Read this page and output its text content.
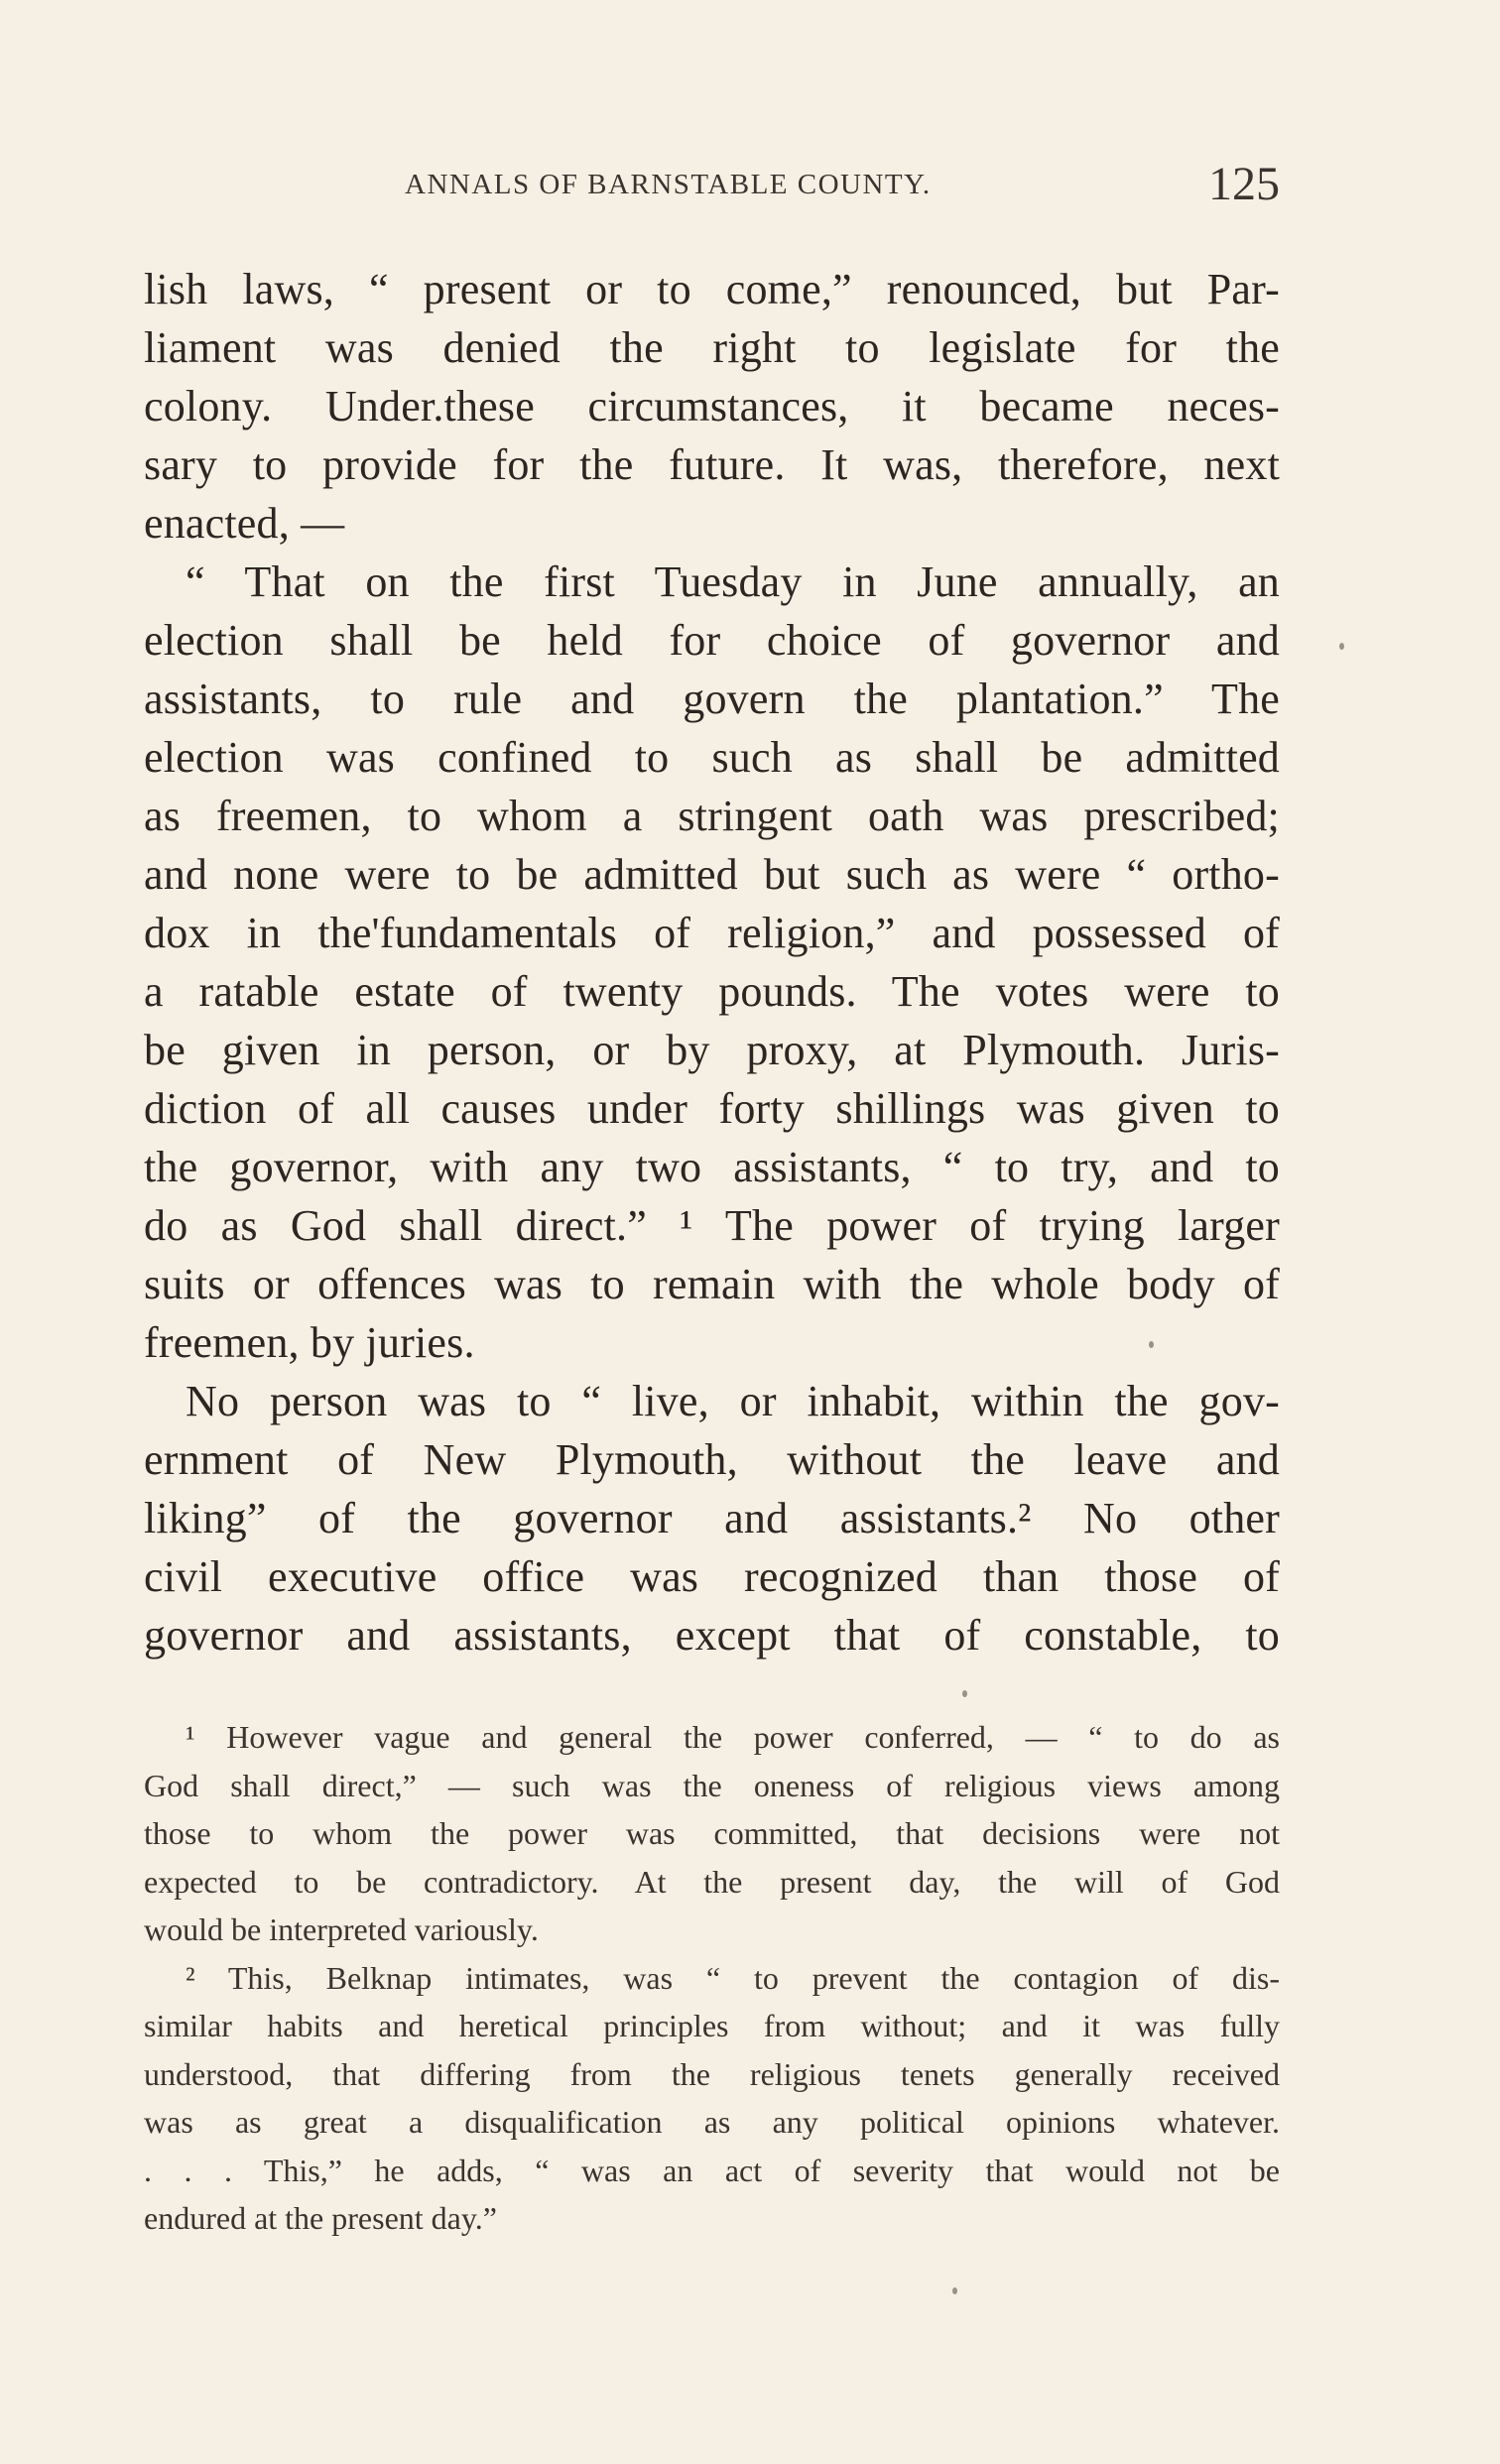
ANNALS OF BARNSTABLE COUNTY.	125
lish laws, “ present or to come,” renounced, but Par-
liament was denied the right to legislate for the
colony. Under.these circumstances, it became neces-
sary to provide for the future. It was, therefore, next
enacted, —
“ That on the first Tuesday in June annually, an
election shall be held for choice of governor and
assistants, to rule and govern the plantation.” The
election was confined to such as shall be admitted
as freemen, to whom a stringent oath was prescribed;
and none were to be admitted but such as were “ ortho-
dox in the'fundamentals of religion,” and possessed of
a ratable estate of twenty pounds. The votes were to
be given in person, or by proxy, at Plymouth. Juris-
diction of all causes under forty shillings was given to
the governor, with any two assistants, “ to try, and to
do as God shall direct.” ¹ The power of trying larger
suits or offences was to remain with the whole body of
freemen, by juries.
No person was to “ live, or inhabit, within the gov-
ernment of New Plymouth, without the leave and
liking” of the governor and assistants.² No other
civil executive office was recognized than those of
governor and assistants, except that of constable, to
¹ However vague and general the power conferred, — “ to do as
God shall direct,” — such was the oneness of religious views among
those to whom the power was committed, that decisions were not
expected to be contradictory. At the present day, the will of God
would be interpreted variously.
² This, Belknap intimates, was “ to prevent the contagion of dis-
similar habits and heretical principles from without; and it was fully
understood, that differing from the religious tenets generally received
was as great a disqualification as any political opinions whatever.
. . . This,” he adds, “ was an act of severity that would not be
endured at the present day.”
